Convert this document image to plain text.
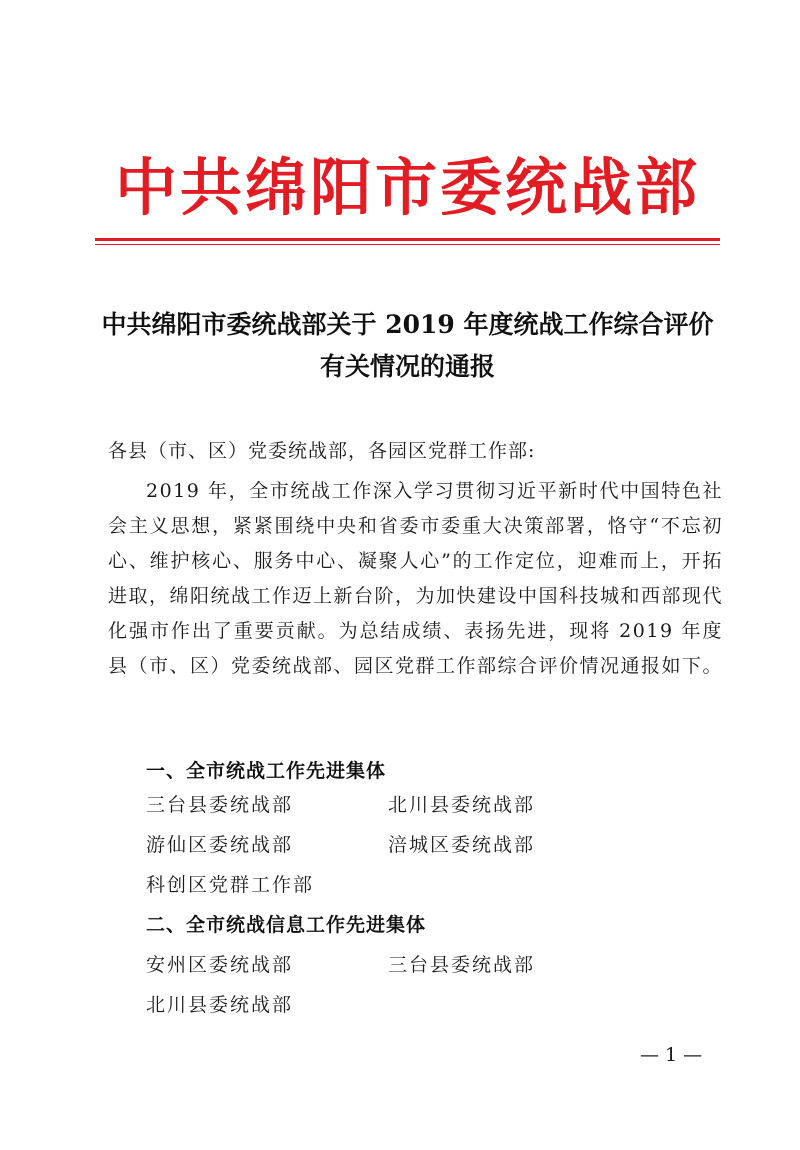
中共绵阳市委统战部
中共绵阳市委统战部关于 2019 年度统战工作综合评价有关情况的通报
各县（市、区）党委统战部，各园区党群工作部:
2019 年，全市统战工作深入学习贯彻习近平新时代中国特色社会主义思想，紧紧围绕中央和省委市委重大决策部署，恪守“不忘初心、维护核心、服务中心、凝聚人心”的工作定位，迎难而上，开拓进取，绵阳统战工作迈上新台阶，为加快建设中国科技城和西部现代化强市作出了重要贡献。为总结成绩、表扬先进，现将 2019 年度县（市、区）党委统战部、园区党群工作部综合评价情况通报如下。
一、全市统战工作先进集体
三台县委统战部	北川县委统战部
游仙区委统战部	涪城区委统战部
科创区党群工作部
二、全市统战信息工作先进集体
安州区委统战部	三台县委统战部
北川县委统战部
— 1 —
